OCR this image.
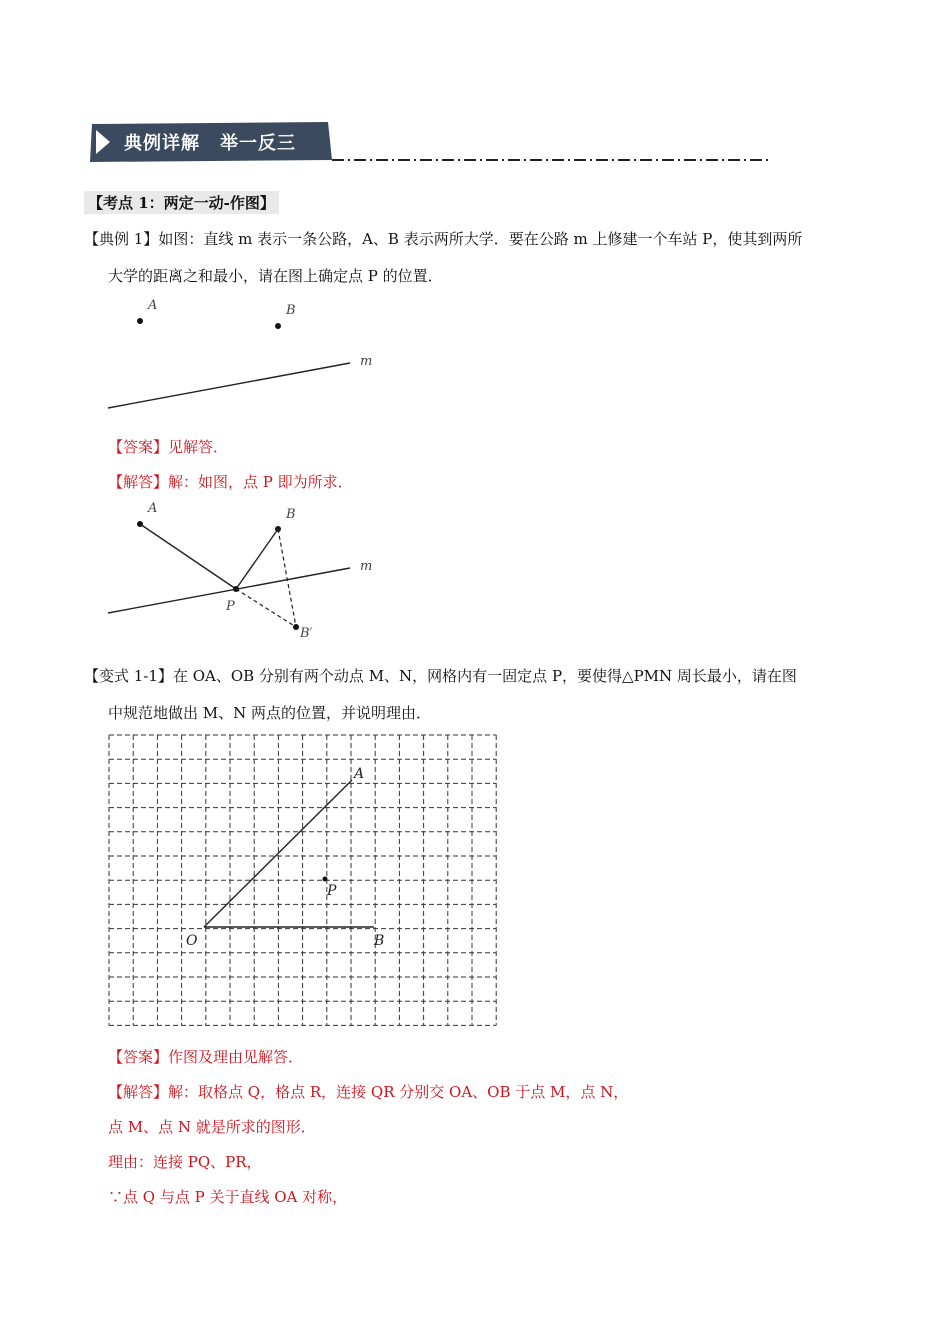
典例详解 举一反三
【考点 1：两定一动-作图】
【典例 1】如图：直线 m 表示一条公路，A、B 表示两所大学．要在公路 m 上修建一个车站 P，使其到两所
大学的距离之和最小，请在图上确定点 P 的位置．
A	B
m
【答案】见解答．
【解答】解：如图，点 P 即为所求．
A	B
m
P
B′
【变式 1-1】在 OA、OB 分别有两个动点 M、N，网格内有一固定点 P，要使得△PMN 周长最小，请在图
中规范地做出 M、N 两点的位置，并说明理由．
A
O	B
P
【答案】作图及理由见解答．
【解答】解：取格点 Q，格点 R，连接 QR 分别交 OA、OB 于点 M，点 N，
点 M、点 N 就是所求的图形．
理由：连接 PQ、PR，
∵点 Q 与点 P 关于直线 OA 对称，
